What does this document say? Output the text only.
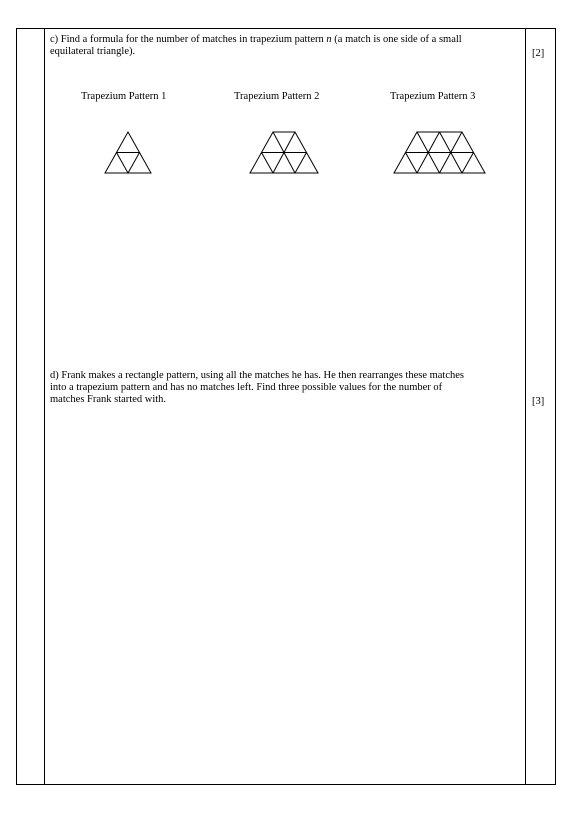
c) Find a formula for the number of matches in trapezium pattern n (a match is one side of a small
equilateral triangle).	[2]
Trapezium Pattern 1	Trapezium Pattern 2	Trapezium Pattern 3
d) Frank makes a rectangle pattern, using all the matches he has. He then rearranges these matches
into a trapezium pattern and has no matches left. Find three possible values for the number of
matches Frank started with.	[3]
